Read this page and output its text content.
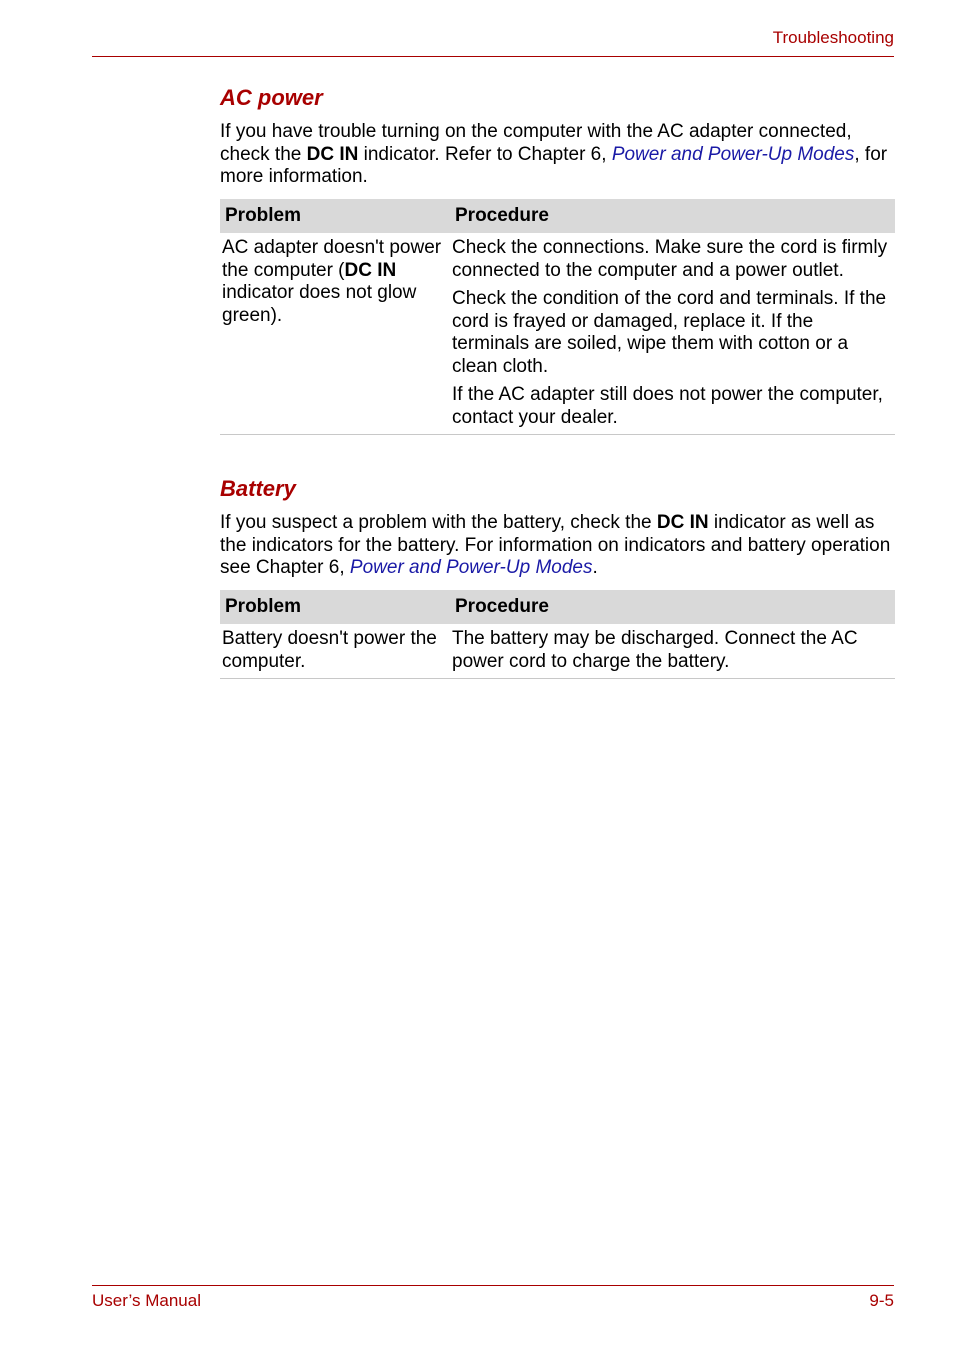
Troubleshooting
AC power

If you have trouble turning on the computer with the AC adapter connected, check the DC IN indicator. Refer to Chapter 6, Power and Power-Up Modes, for more information.

Problem	Procedure
AC adapter doesn't power the computer (DC IN indicator does not glow green).	Check the connections. Make sure the cord is firmly connected to the computer and a power outlet.

Check the condition of the cord and terminals. If the cord is frayed or damaged, replace it. If the terminals are soiled, wipe them with cotton or a clean cloth.

If the AC adapter still does not power the computer, contact your dealer.

Battery

If you suspect a problem with the battery, check the DC IN indicator as well as the indicators for the battery. For information on indicators and battery operation see Chapter 6, Power and Power-Up Modes.

Problem	Procedure
Battery doesn't power the computer.	The battery may be discharged. Connect the AC power cord to charge the battery.
User’s Manual	9-5
